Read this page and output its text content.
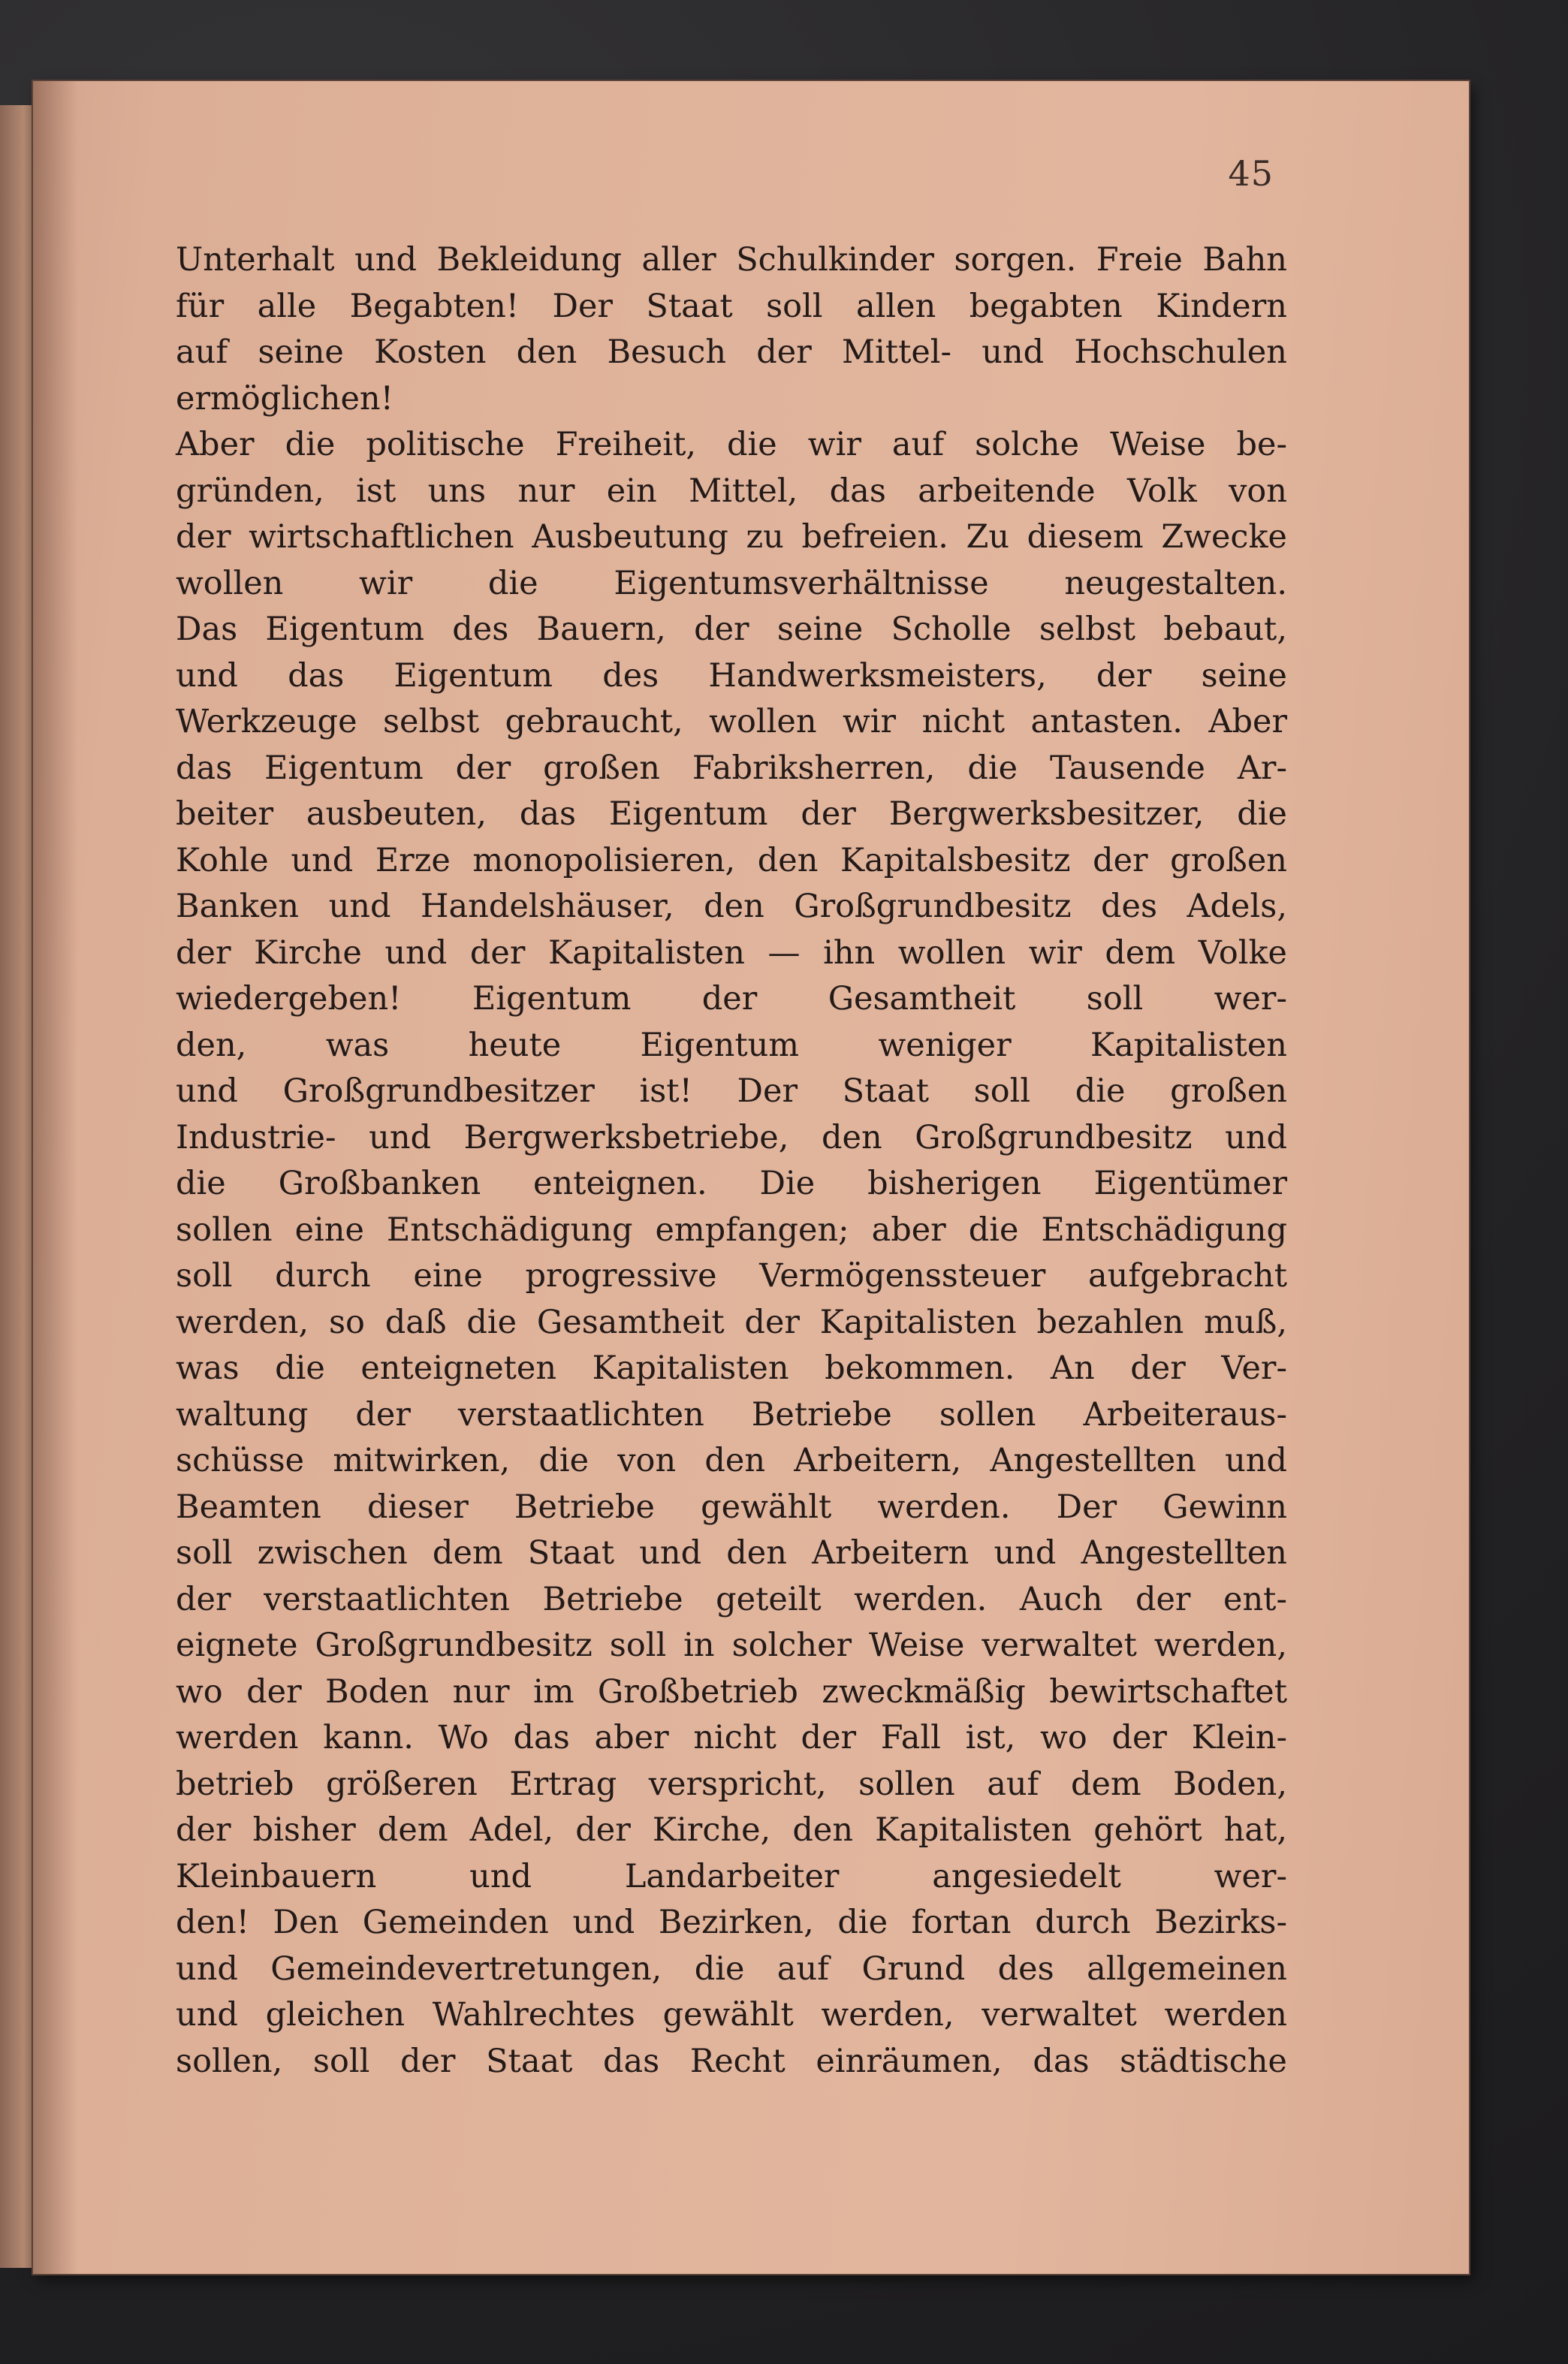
45
Unterhalt und Bekleidung aller Schulkinder sorgen. Freie Bahn
für alle Begabten! Der Staat soll allen begabten Kindern
auf seine Kosten den Besuch der Mittel- und Hochschulen
ermöglichen!
Aber die politische Freiheit, die wir auf solche Weise be-
gründen, ist uns nur ein Mittel, das arbeitende Volk von
der wirtschaftlichen Ausbeutung zu befreien. Zu diesem Zwecke
wollen wir die Eigentumsverhältnisse neugestalten.
Das Eigentum des Bauern, der seine Scholle selbst bebaut,
und das Eigentum des Handwerksmeisters, der seine
Werkzeuge selbst gebraucht, wollen wir nicht antasten. Aber
das Eigentum der großen Fabriksherren, die Tausende Ar-
beiter ausbeuten, das Eigentum der Bergwerksbesitzer, die
Kohle und Erze monopolisieren, den Kapitalsbesitz der großen
Banken und Handelshäuser, den Großgrundbesitz des Adels,
der Kirche und der Kapitalisten — ihn wollen wir dem Volke
wiedergeben! Eigentum der Gesamtheit soll wer-
den, was heute Eigentum weniger Kapitalisten
und Großgrundbesitzer ist! Der Staat soll die großen
Industrie- und Bergwerksbetriebe, den Großgrundbesitz und
die Großbanken enteignen. Die bisherigen Eigentümer
sollen eine Entschädigung empfangen; aber die Entschädigung
soll durch eine progressive Vermögenssteuer aufgebracht
werden, so daß die Gesamtheit der Kapitalisten bezahlen muß,
was die enteigneten Kapitalisten bekommen. An der Ver-
waltung der verstaatlichten Betriebe sollen Arbeiteraus-
schüsse mitwirken, die von den Arbeitern, Angestellten und
Beamten dieser Betriebe gewählt werden. Der Gewinn
soll zwischen dem Staat und den Arbeitern und Angestellten
der verstaatlichten Betriebe geteilt werden. Auch der ent-
eignete Großgrundbesitz soll in solcher Weise verwaltet werden,
wo der Boden nur im Großbetrieb zweckmäßig bewirtschaftet
werden kann. Wo das aber nicht der Fall ist, wo der Klein-
betrieb größeren Ertrag verspricht, sollen auf dem Boden,
der bisher dem Adel, der Kirche, den Kapitalisten gehört hat,
Kleinbauern und Landarbeiter angesiedelt wer-
den! Den Gemeinden und Bezirken, die fortan durch Bezirks-
und Gemeindevertretungen, die auf Grund des allgemeinen
und gleichen Wahlrechtes gewählt werden, verwaltet werden
sollen, soll der Staat das Recht einräumen, das städtische
